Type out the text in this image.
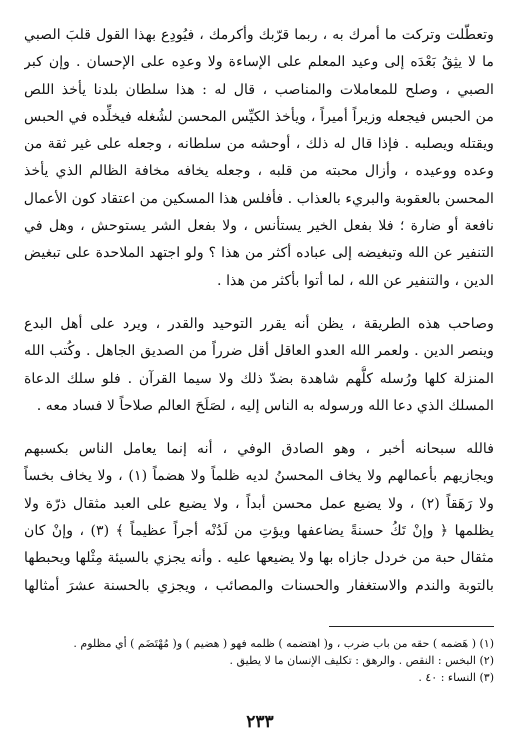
وتعطّلت وتركت ما أمرك به ، ربما قرّبك وأكرمك ، فيُودِع بهذا القول قلبَ الصبي

ما لا يثِقُ بَعْدَه إلى وعيد المعلم على الإساءة ولا وعدِه على الإحسان . وإن كبر

الصبي ، وصلح للمعاملات والمناصب ، قال له : هذا سلطان بلدنا يأخذ اللص

من الحبس فيجعله وزيراً أميراً ، ويأخذ الكيِّس المحسن لشُغله فيخلِّده في الحبس

ويقتله ويصلبه . فإذا قال له ذلك ، أوحشه من سلطانه ، وجعله على غير ثقة من

وعده ووعيده ، وأزال محبته من قلبه ، وجعله يخافه مخافة الظالم الذي يأخذ

المحسن بالعقوبة والبريء بالعذاب . فأفلس هذا المسكين من اعتقاد كون الأعمال

نافعة أو ضارة ؛ فلا بفعل الخير يستأنس ، ولا بفعل الشر يستوحش ، وهل في

التنفير عن الله وتبغيضه إلى عباده أكثر من هذا ؟ ولو اجتهد الملاحدة على تبغيض

الدين ، والتنفير عن الله ، لما أتوا بأكثر من هذا .

وصاحب هذه الطريقة ، يظن أنه يقرر التوحيد والقدر ، ويرد على أهل البدع

وينصر الدين . ولعمر الله العدو العاقل أقل ضرراً من الصديق الجاهل . وكُتب الله

المنزلة كلها ورُسله كلُّهم شاهدة بضدّ ذلك ولا سيما القرآن . فلو سلك الدعاة

المسلك الذي دعا الله ورسوله به الناس إليه ، لصَلَحَ العالم صلاحاً لا فساد معه .

فالله سبحانه أخبر ، وهو الصادق الوفي ، أنه إنما يعامل الناس بكسبهم

ويجازيهم بأعمالهم ولا يخاف المحسنُ لديه ظلماً ولا هضماً (١) ، ولا يخاف بخساً

ولا رَهَقاً (٢) ، ولا يضيع عمل محسن أبداً ، ولا يضيع على العبد مثقال ذرّة ولا

يظلمها ﴿ وإنْ تَكُ حسنةً يضاعفها ويؤتِ من لَدُنْه أجراً عظيماً ﴾ (٣) ، وإنْ كان

مثقال حبة من خردل جازاه بها ولا يضيعها عليه . وأنه يجزي بالسيئة مِثْلها ويحبطها

بالتوبة والندم والاستغفار والحسنات والمصائب ، ويجزي بالحسنة عشرَ أمثالها

(١) ( هَضمه ) حقه من باب ضرب ، و( اهتضمه ) ظلمه فهو ( هضيم ) و( مُهْتَضَم ) أي مظلوم .

(٢) البخس : النقص . والرهق : تكليف الإنسان ما لا يطيق .

(٣) النساء : ٤٠ .

٢٣٣
